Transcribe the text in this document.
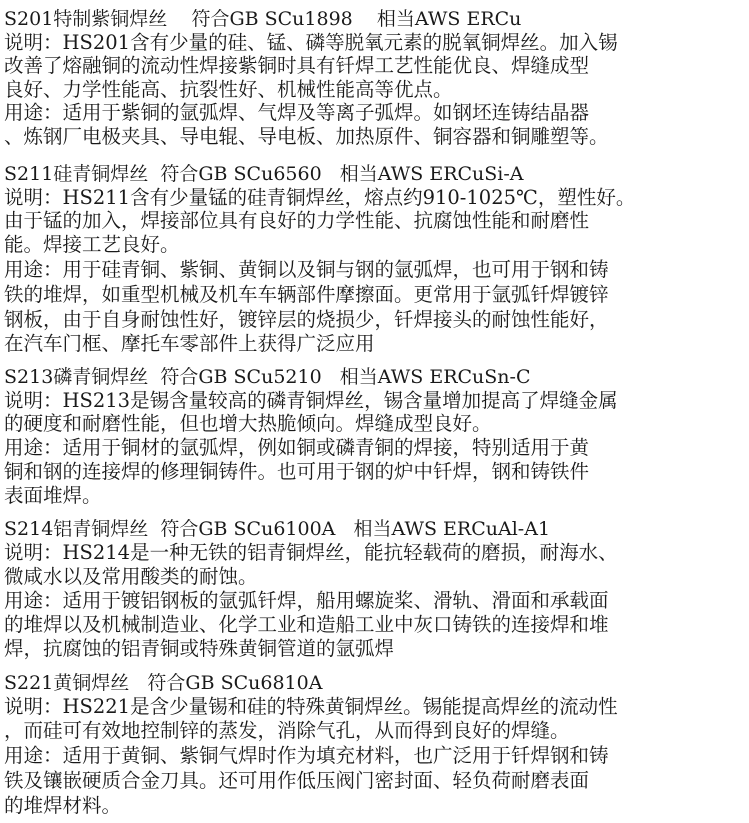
S201特制紫铜焊丝    符合GB SCu1898    相当AWS ERCu
说明：HS201含有少量的硅、锰、磷等脱氧元素的脱氧铜焊丝。加入锡
改善了熔融铜的流动性焊接紫铜时具有钎焊工艺性能优良、焊缝成型
良好、力学性能高、抗裂性好、机械性能高等优点。
用途：适用于紫铜的氩弧焊、气焊及等离子弧焊。如钢坯连铸结晶器
、炼钢厂电极夹具、导电辊、导电板、加热原件、铜容器和铜雕塑等。
S211硅青铜焊丝  符合GB SCu6560   相当AWS ERCuSi-A
说明：HS211含有少量锰的硅青铜焊丝，熔点约910-1025℃，塑性好。
由于锰的加入，焊接部位具有良好的力学性能、抗腐蚀性能和耐磨性
能。焊接工艺良好。
用途：用于硅青铜、紫铜、黄铜以及铜与钢的氩弧焊，也可用于钢和铸
铁的堆焊，如重型机械及机车车辆部件摩擦面。更常用于氩弧钎焊镀锌
钢板，由于自身耐蚀性好，镀锌层的烧损少，钎焊接头的耐蚀性能好，
在汽车门框、摩托车零部件上获得广泛应用
S213磷青铜焊丝  符合GB SCu5210   相当AWS ERCuSn-C
说明：HS213是锡含量较高的磷青铜焊丝，锡含量增加提高了焊缝金属
的硬度和耐磨性能，但也增大热脆倾向。焊缝成型良好。
用途：适用于铜材的氩弧焊，例如铜或磷青铜的焊接，特别适用于黄
铜和钢的连接焊的修理铜铸件。也可用于钢的炉中钎焊，钢和铸铁件
表面堆焊。
S214铝青铜焊丝  符合GB SCu6100A   相当AWS ERCuAl-A1
说明：HS214是一种无铁的铝青铜焊丝，能抗轻载荷的磨损，耐海水、
微咸水以及常用酸类的耐蚀。
用途：适用于镀铝钢板的氩弧钎焊，船用螺旋桨、滑轨、滑面和承载面
的堆焊以及机械制造业、化学工业和造船工业中灰口铸铁的连接焊和堆
焊，抗腐蚀的铝青铜或特殊黄铜管道的氩弧焊
S221黄铜焊丝   符合GB SCu6810A
说明：HS221是含少量锡和硅的特殊黄铜焊丝。锡能提高焊丝的流动性
，而硅可有效地控制锌的蒸发，消除气孔，从而得到良好的焊缝。
用途：适用于黄铜、紫铜气焊时作为填充材料，也广泛用于钎焊钢和铸
铁及镶嵌硬质合金刀具。还可用作低压阀门密封面、轻负荷耐磨表面
的堆焊材料。
